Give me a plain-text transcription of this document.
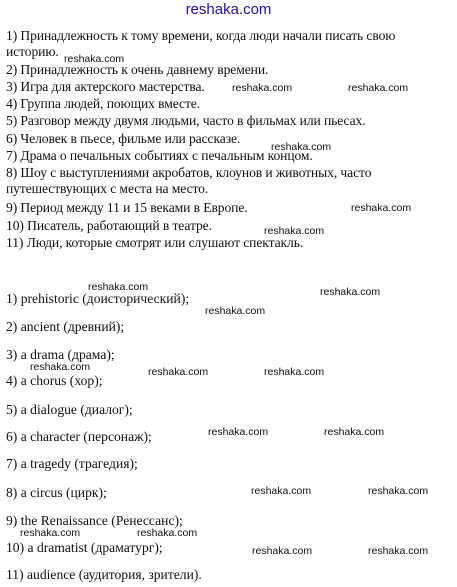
reshaka.com
1) Принадлежность к тому времени, когда люди начали писать свою историю.
2) Принадлежность к очень давнему времени.
3) Игра для актерского мастерства.
4) Группа людей, поющих вместе.
5) Разговор между двумя людьми, часто в фильмах или пьесах.
6) Человек в пьесе, фильме или рассказе.
7) Драма о печальных событиях с печальным концом.
8) Шоу с выступлениями акробатов, клоунов и животных, часто путешествующих с места на место.
9) Период между 11 и 15 веками в Европе.
10) Писатель, работающий в театре.
11) Люди, которые смотрят или слушают спектакль.
1) prehistoric (доисторический);
2) ancient (древний);
3) a drama (драма);
4) a chorus (хор);
5) a dialogue (диалог);
6) a character (персонаж);
7) a tragedy (трагедия);
8) a circus (цирк);
9) the Renaissance (Ренессанс);
10) a dramatist (драматург);
11) audience (аудитория, зрители).
reshaka.com
reshaka.com	reshaka.com
reshaka.com
reshaka.com
reshaka.com
reshaka.com	reshaka.com
reshaka.com
reshaka.com	reshaka.com	reshaka.com
reshaka.com	reshaka.com
reshaka.com	reshaka.com
reshaka.com	reshaka.com
reshaka.com	reshaka.com
